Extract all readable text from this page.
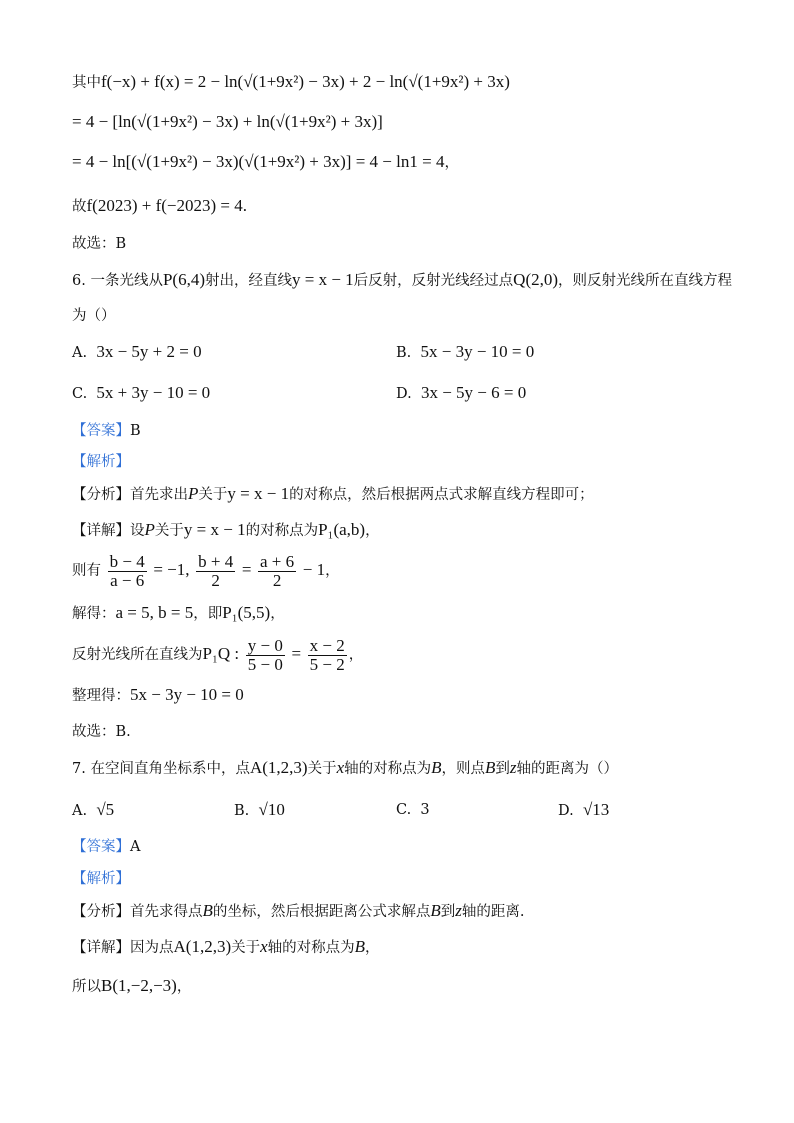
其中f(−x) + f(x) = 2 − ln(√(1+9x²) − 3x) + 2 − ln(√(1+9x²) + 3x)
= 4 − [ln(√(1+9x²) − 3x) + ln(√(1+9x²) + 3x)]
= 4 − ln[(√(1+9x²) − 3x)(√(1+9x²) + 3x)] = 4 − ln1 = 4，
故f(2023) + f(−2023) = 4.
故选：B
6. 一条光线从P(6,4)射出，经直线y = x − 1后反射，反射光线经过点Q(2,0)，则反射光线所在直线方程
为（）
A. 3x − 5y + 2 = 0	B. 5x − 3y − 10 = 0
C. 5x + 3y − 10 = 0	D. 3x − 5y − 6 = 0
【答案】B
【解析】
【分析】首先求出P关于y = x − 1的对称点，然后根据两点式求解直线方程即可；
【详解】设P关于y = x − 1的对称点为P₁(a,b)，
则有 $\frac{b - 4}{a - 6} = -1$, $\frac{b + 4}{2} = \frac{a + 6}{2} - 1$，
解得：a = 5, b = 5，即P₁(5,5)，
反射光线所在直线为P₁Q : $\frac{y - 0}{5 - 0} = \frac{x - 2}{5 - 2}$ ，
整理得：5x − 3y − 10 = 0
故选：B.
7. 在空间直角坐标系中，点A(1,2,3)关于x轴的对称点为B，则点B到z轴的距离为（）
A. √5	B. √10	C. 3	D. √13
【答案】A
【解析】
【分析】首先求得点B的坐标，然后根据距离公式求解点B到z轴的距离.
【详解】因为点A(1,2,3)关于x轴的对称点为B，
所以B(1,−2,−3)，
